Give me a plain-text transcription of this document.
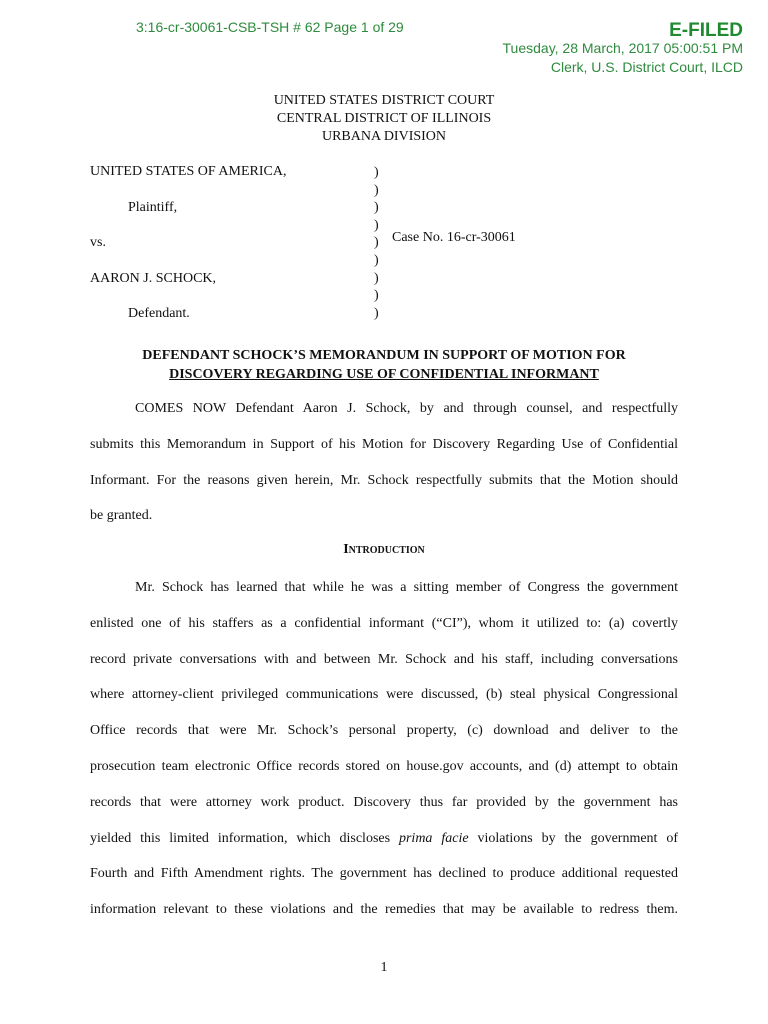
3:16-cr-30061-CSB-TSH # 62 Page 1 of 29	E-FILED
Tuesday, 28 March, 2017 05:00:51 PM
Clerk, U.S. District Court, ILCD
UNITED STATES DISTRICT COURT
CENTRAL DISTRICT OF ILLINOIS
URBANA DIVISION
UNITED STATES OF AMERICA,
Plaintiff,
vs.
AARON J. SCHOCK,
Defendant.
Case No. 16-cr-30061
)
)
)
)
)
)
)
)
)
DEFENDANT SCHOCK’S MEMORANDUM IN SUPPORT OF MOTION FOR
DISCOVERY REGARDING USE OF CONFIDENTIAL INFORMANT
COMES NOW Defendant Aaron J. Schock, by and through counsel, and respectfully
submits this Memorandum in Support of his Motion for Discovery Regarding Use of Confidential
Informant. For the reasons given herein, Mr. Schock respectfully submits that the Motion should
be granted.
Introduction
Mr. Schock has learned that while he was a sitting member of Congress the government
enlisted one of his staffers as a confidential informant (“CI”), whom it utilized to: (a) covertly
record private conversations with and between Mr. Schock and his staff, including conversations
where attorney-client privileged communications were discussed, (b) steal physical Congressional
Office records that were Mr. Schock’s personal property, (c) download and deliver to the
prosecution team electronic Office records stored on house.gov accounts, and (d) attempt to obtain
records that were attorney work product. Discovery thus far provided by the government has
yielded this limited information, which discloses prima facie violations by the government of
Fourth and Fifth Amendment rights. The government has declined to produce additional requested
information relevant to these violations and the remedies that may be available to redress them.
1
